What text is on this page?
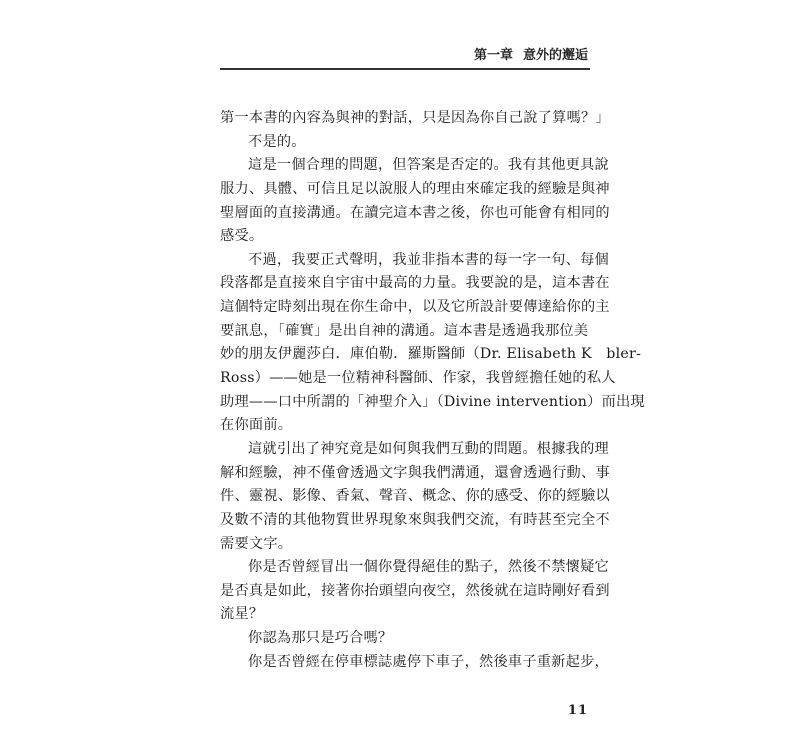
第一章 意外的邂逅
第一本書的內容為與神的對話，只是因為你自己說了算嗎？」
不是的。
這是一個合理的問題，但答案是否定的。我有其他更具說
服力、具體、可信且足以說服人的理由來確定我的經驗是與神
聖層面的直接溝通。在讀完這本書之後，你也可能會有相同的
感受。
不過，我要正式聲明，我並非指本書的每一字一句、每個
段落都是直接來自宇宙中最高的力量。我要說的是，這本書在
這個特定時刻出現在你生命中，以及它所設計要傳達給你的主
要訊息，「確實」是出自神的溝通。這本書是透過我那位美
妙的朋友伊麗莎白．庫伯勒．羅斯醫師（Dr. Elisabeth K　bler-
Ross）——她是一位精神科醫師、作家，我曾經擔任她的私人
助理——口中所謂的「神聖介入」（Divine intervention）而出現
在你面前。
這就引出了神究竟是如何與我們互動的問題。根據我的理
解和經驗，神不僅會透過文字與我們溝通，還會透過行動、事
件、靈視、影像、香氣、聲音、概念、你的感受、你的經驗以
及數不清的其他物質世界現象來與我們交流，有時甚至完全不
需要文字。
你是否曾經冒出一個你覺得絕佳的點子，然後不禁懷疑它
是否真是如此，接著你抬頭望向夜空，然後就在這時剛好看到
流星？
你認為那只是巧合嗎？
你是否曾經在停車標誌處停下車子，然後車子重新起步，
11
